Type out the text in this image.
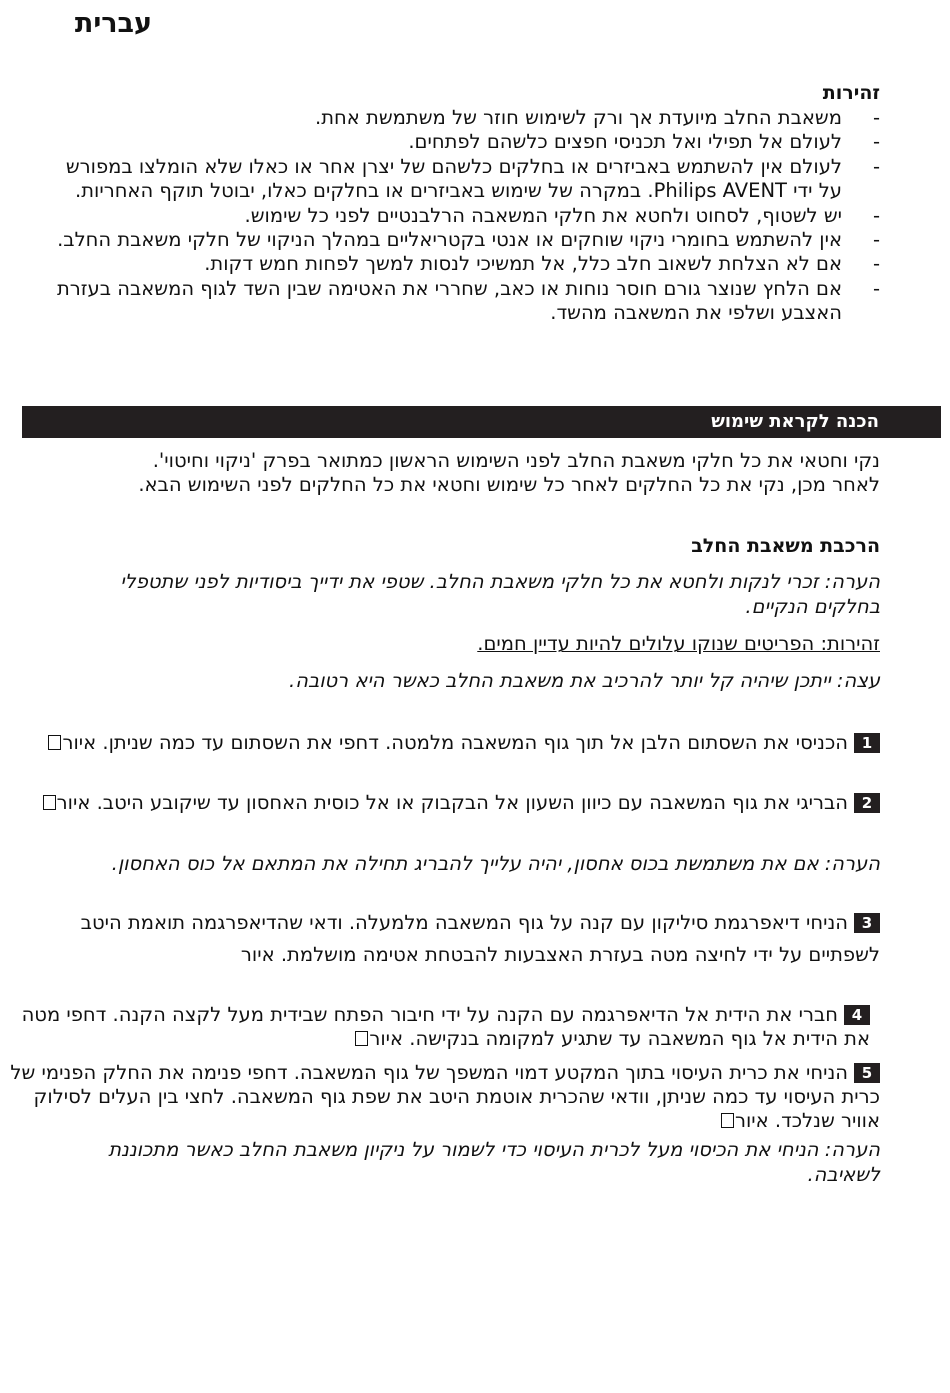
עברית
זהירות
-
משאבת החלב מיועדת אך ורק לשימוש חוזר של משתמשת אחת.
-
לעולם אל תפילי ואל תכניסי חפצים כלשהם לפתחים.
-
לעולם אין להשתמש באביזרים או בחלקים כלשהם של יצרן אחר או כאלו שלא הומלצו במפורש על ידי Philips AVENT. במקרה של שימוש באביזרים או בחלקים כאלו, יבוטל תוקף האחריות.
-
יש לשטוף, לסחוט ולחטא את חלקי המשאבה הרלבנטיים לפני כל שימוש.
-
אין להשתמש בחומרי ניקוי שוחקים או אנטי בקטריאליים במהלך הניקוי של חלקי משאבת החלב.
-
אם לא הצלחת לשאוב חלב כלל, אל תמשיכי לנסות למשך לפחות חמש דקות.
-
אם הלחץ שנוצר גורם חוסר נוחות או כאב, שחררי את האטימה שבין השד לגוף המשאבה בעזרת האצבע ושלפי את המשאבה מהשד.
הכנה לקראת שימוש
נקי וחטאי את כל חלקי משאבת החלב לפני השימוש הראשון כמתואר בפרק 'ניקוי וחיטוי'.
לאחר מכן, נקי את כל החלקים לאחר כל שימוש וחטאי את כל החלקים לפני השימוש הבא.
הרכבת משאבת החלב

הערה: זכרי לנקות ולחטא את כל חלקי משאבת החלב. שטפי את ידייך ביסודיות לפני שתטפלי בחלקים הנקיים.

זהירות: הפריטים שנוקו עלולים להיות עדיין חמים.

עצה: ייתכן שיהיה קל יותר להרכיב את משאבת החלב כאשר היא רטובה.

1הכניסי את השסתום הלבן אל תוך גוף המשאבה מלמטה. דחפי את השסתום עד כמה שניתן. איור

2הבריגי את גוף המשאבה עם כיוון השעון אל הבקבוק או אל כוסית האחסון עד שיקובע היטב. איור

הערה: אם את משתמשת בכוס אחסון, יהיה עלייך להבריג תחילה את המתאם אל כוס האחסון.

3הניחי דיאפרגמת סיליקון עם קנה על גוף המשאבה מלמעלה. ודאי שהדיאפרגמה תואמת היטב לשפתיים על ידי לחיצה מטה בעזרת האצבעות להבטחת אטימה מושלמת. איור

4חברי את הידית אל הדיאפרגמה עם הקנה על ידי חיבור הפתח שבידית מעל לקצה הקנה. דחפי מטה את הידית אל גוף המשאבה עד שתגיע למקומה בנקישה. איור

5הניחי את כרית העיסוי בתוך המקטע דמוי המשפך של גוף המשאבה. דחפי פנימה את החלק הפנימי של כרית העיסוי עד כמה שניתן, וודאי שהכרית אוטמת היטב את שפת גוף המשאבה. לחצי בין העלים לסילוק אוויר שנלכד. איור

הערה: הניחי את הכיסוי מעל לכרית העיסוי כדי לשמור על ניקיון משאבת החלב כאשר מתכוננת לשאיבה.
